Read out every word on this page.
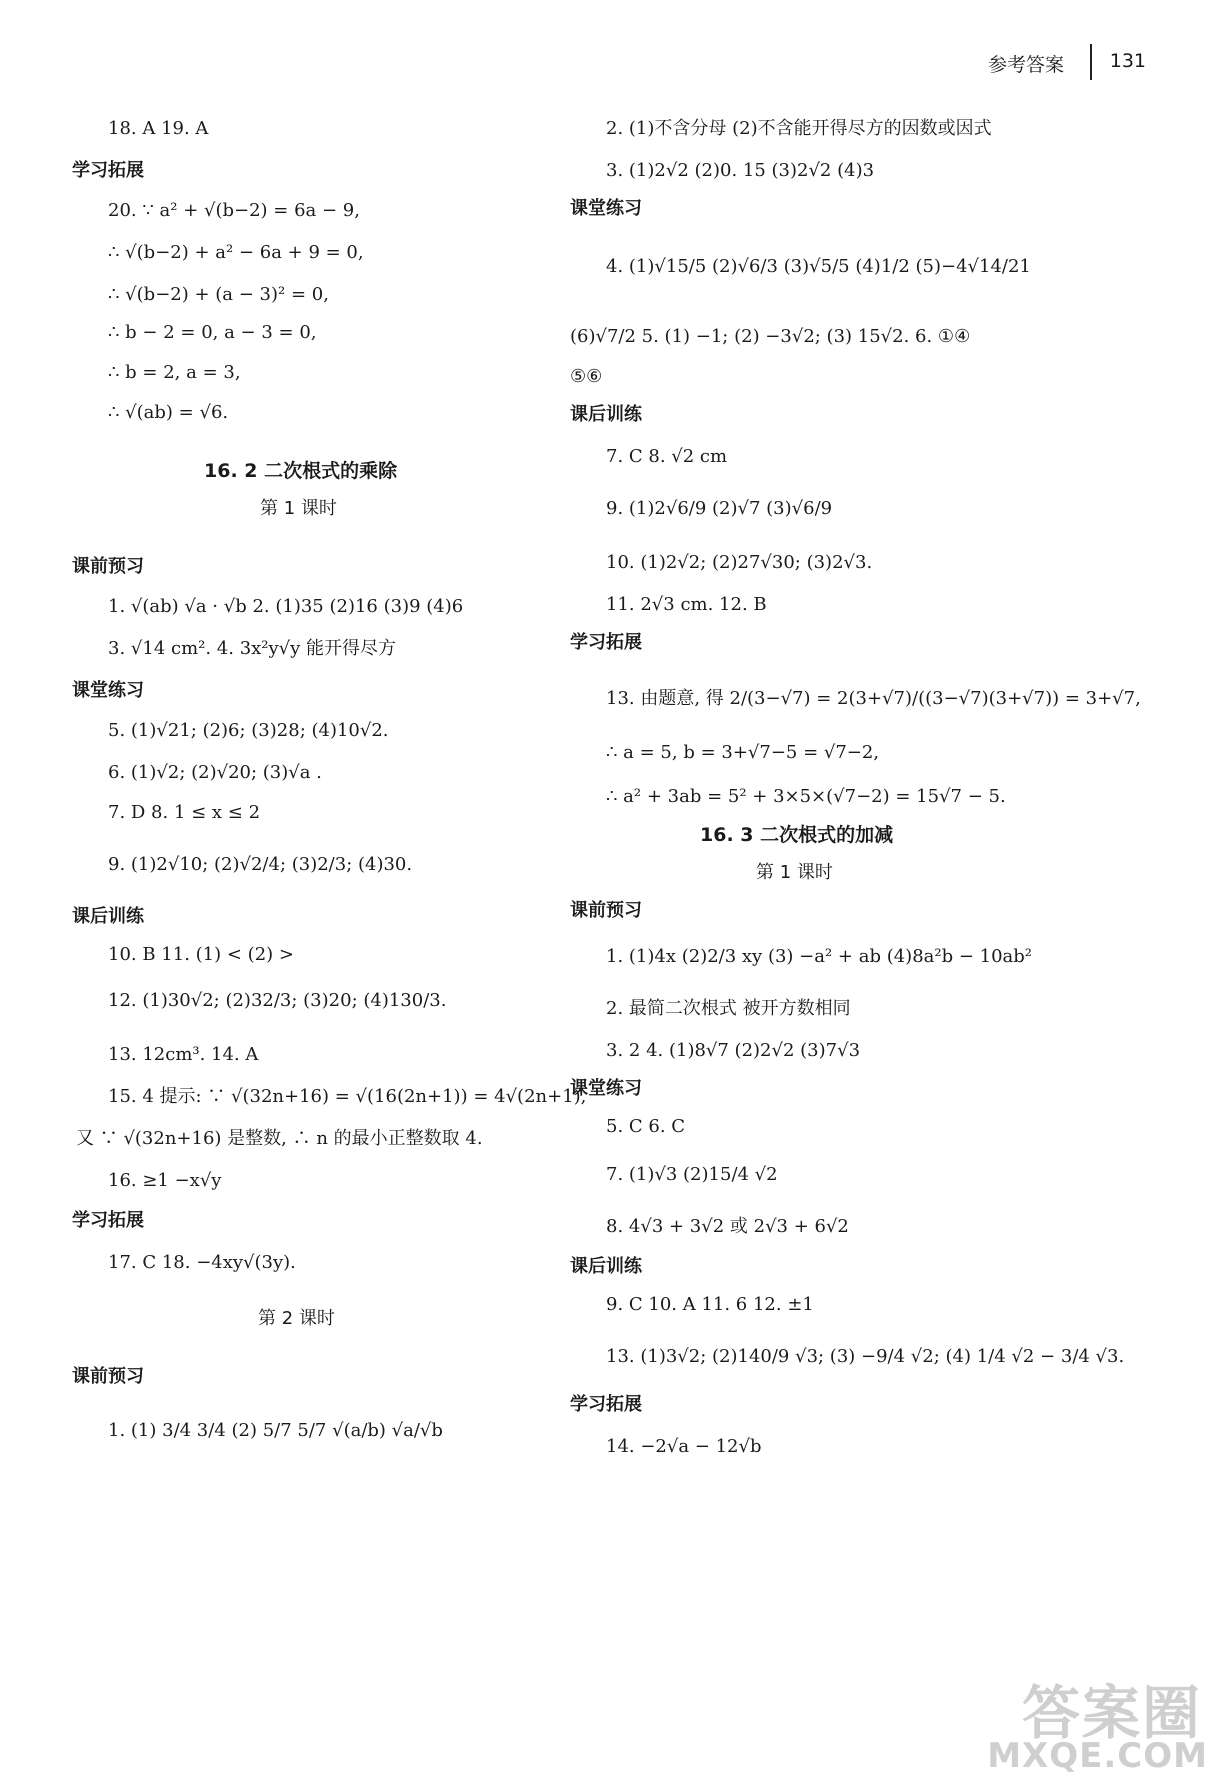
参考答案 131
18. A 19. A
学习拓展
20. ∵ a² + √(b−2) = 6a − 9,
∴ √(b−2) + a² − 6a + 9 = 0,
∴ √(b−2) + (a − 3)² = 0,
∴ b − 2 = 0, a − 3 = 0,
∴ b = 2, a = 3,
∴ √(ab) = √6.
16. 2 二次根式的乘除
第 1 课时
课前预习
1. √(ab) √a · √b 2. (1)35 (2)16 (3)9 (4)6
3. √14 cm². 4. 3x²y√y 能开得尽方
课堂练习
5. (1)√21; (2)6; (3)28; (4)10√2.
6. (1)√2; (2)√20; (3)√a .
7. D 8. 1 ≤ x ≤ 2
9. (1)2√10; (2)√2/4; (3)2/3; (4)30.
课后训练
10. B 11. (1) < (2) >
12. (1)30√2; (2)32/3; (3)20; (4)130/3.
13. 12cm³. 14. A
15. 4 提示: ∵ √(32n+16) = √(16(2n+1)) = 4√(2n+1),
又 ∵ √(32n+16) 是整数, ∴ n 的最小正整数取 4.
16. ≥1 −x√y
学习拓展
17. C 18. −4xy√(3y).
第 2 课时
课前预习
1. (1) 3/4 3/4 (2) 5/7 5/7 √(a/b) √a/√b
2. (1)不含分母 (2)不含能开得尽方的因数或因式
3. (1)2√2 (2)0. 15 (3)2√2 (4)3
课堂练习
4. (1)√15/5 (2)√6/3 (3)√5/5 (4)1/2 (5)−4√14/21
(6)√7/2 5. (1) −1; (2) −3√2; (3) 15√2. 6. ①④
⑤⑥
课后训练
7. C 8. √2 cm
9. (1)2√6/9 (2)√7 (3)√6/9
10. (1)2√2; (2)27√30; (3)2√3.
11. 2√3 cm. 12. B
学习拓展
13. 由题意, 得 2/(3−√7) = 2(3+√7)/((3−√7)(3+√7)) = 3+√7,
∴ a = 5, b = 3+√7−5 = √7−2,
∴ a² + 3ab = 5² + 3×5×(√7−2) = 15√7 − 5.
16. 3 二次根式的加减
第 1 课时
课前预习
1. (1)4x (2)2/3 xy (3) −a² + ab (4)8a²b − 10ab²
2. 最简二次根式 被开方数相同
3. 2 4. (1)8√7 (2)2√2 (3)7√3
课堂练习
5. C 6. C
7. (1)√3 (2)15/4 √2
8. 4√3 + 3√2 或 2√3 + 6√2
课后训练
9. C 10. A 11. 6 12. ±1
13. (1)3√2; (2)140/9 √3; (3) −9/4 √2; (4) 1/4 √2 − 3/4 √3.
学习拓展
14. −2√a − 12√b
答案圈
MXQE.COM
